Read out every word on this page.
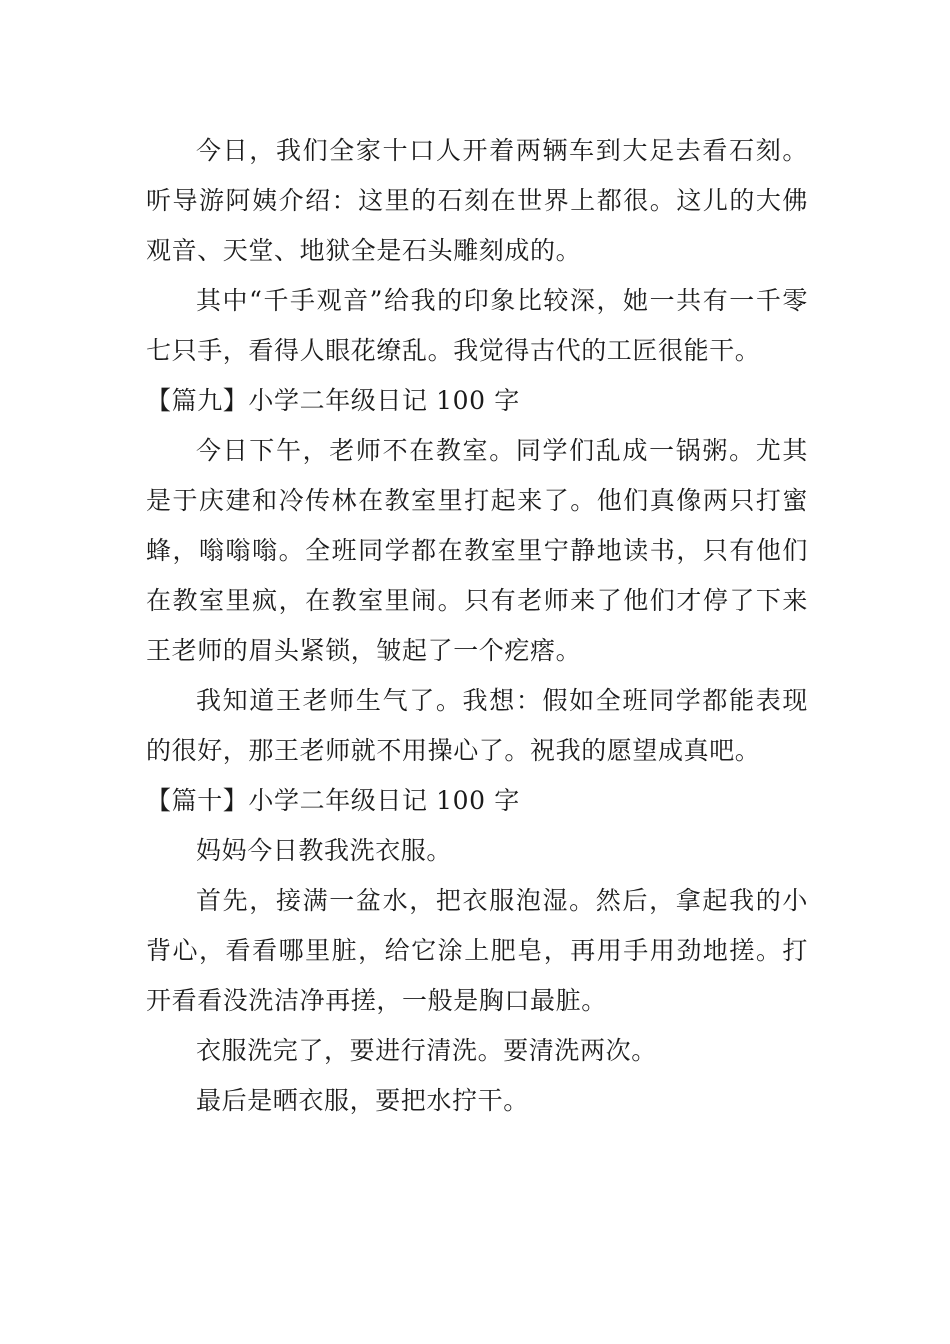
今日，我们全家十口人开着两辆车到大足去看石刻。听导游阿姨介绍：这里的石刻在世界上都很。这儿的大佛观音、天堂、地狱全是石头雕刻成的。

其中“千手观音”给我的印象比较深，她一共有一千零七只手，看得人眼花缭乱。我觉得古代的工匠很能干。

【篇九】小学二年级日记 100 字

今日下午，老师不在教室。同学们乱成一锅粥。尤其是于庆建和冷传林在教室里打起来了。他们真像两只打蜜蜂，嗡嗡嗡。全班同学都在教室里宁静地读书，只有他们在教室里疯，在教室里闹。只有老师来了他们才停了下来王老师的眉头紧锁，皱起了一个疙瘩。

我知道王老师生气了。我想：假如全班同学都能表现的很好，那王老师就不用操心了。祝我的愿望成真吧。

【篇十】小学二年级日记 100 字

妈妈今日教我洗衣服。

首先，接满一盆水，把衣服泡湿。然后，拿起我的小背心，看看哪里脏，给它涂上肥皂，再用手用劲地搓。打开看看没洗洁净再搓，一般是胸口最脏。

衣服洗完了，要进行清洗。要清洗两次。

最后是晒衣服，要把水拧干。
